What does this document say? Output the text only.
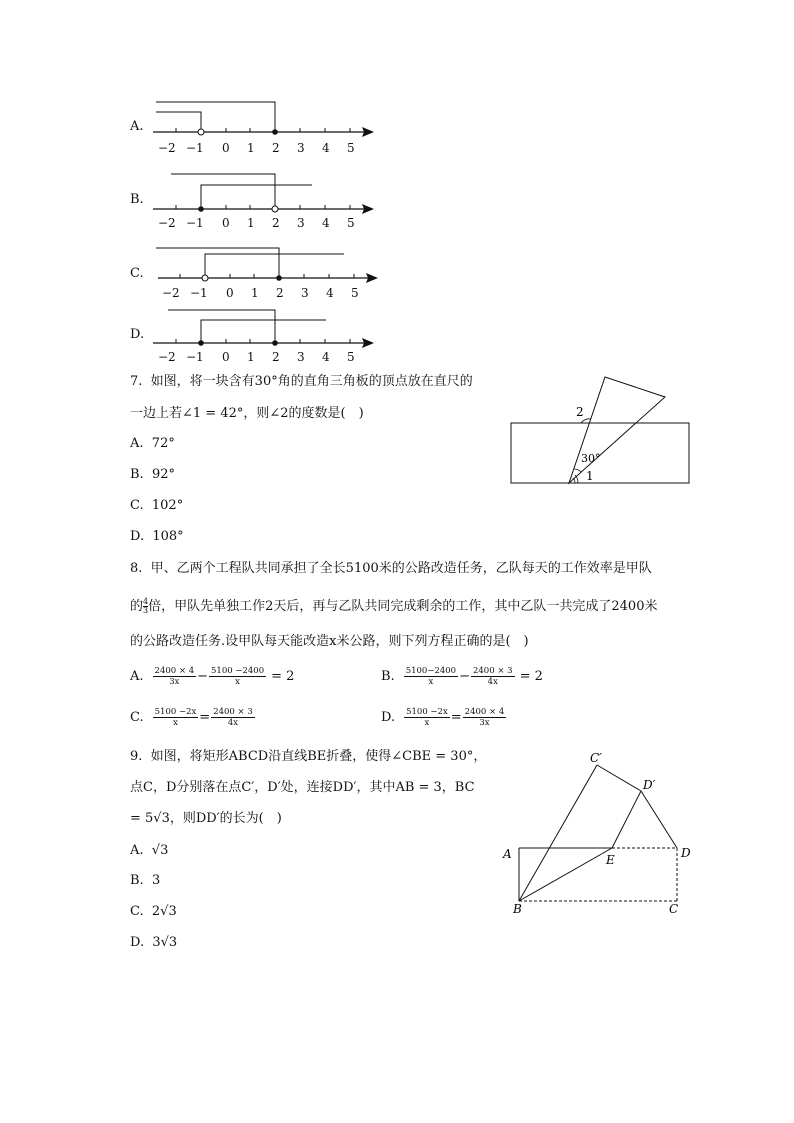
A.
−2 −1 0 1 2 3 4 5
B.
−2 −1 0 1 2 3 4 5
C.
−2 −1 0 1 2 3 4 5
D.
−2 −1 0 1 2 3 4 5
7. 如图，将一块含有30°角的直角三角板的顶点放在直尺的
一边上若∠1 = 42°，则∠2的度数是(　)
A. 72°
B. 92°
C. 102°
D. 108°
2
30°
1
8. 甲、乙两个工程队共同承担了全长5100米的公路改造任务，乙队每天的工作效率是甲队
的 $\frac{4}{3}$倍，甲队先单独工作2天后，再与乙队共同完成剩余的工作，其中乙队一共完成了2400米
的公路改造任务.设甲队每天能改造x米公路，则下列方程正确的是(　)
A. $\frac{2400 \times 4}{3x} - \frac{5100 -2400}{x} = 2$	B. $\frac{5100-2400}{x} - \frac{2400 \times 3}{4x} = 2$
C. $\frac{5100 -2x}{x} = \frac{2400 \times 3}{4x}$	D. $\frac{5100 -2x}{x} = \frac{2400 \times 4}{3x}$
9. 如图，将矩形ABCD沿直线BE折叠，使得∠CBE = 30°，
点C，D分别落在点C′，D′处，连接DD′，其中AB = 3，BC
= 5√3，则DD′的长为(　)
A. √3
B. 3
C. 2√3
D. 3√3
C′
D′
A	E	D
B	C
